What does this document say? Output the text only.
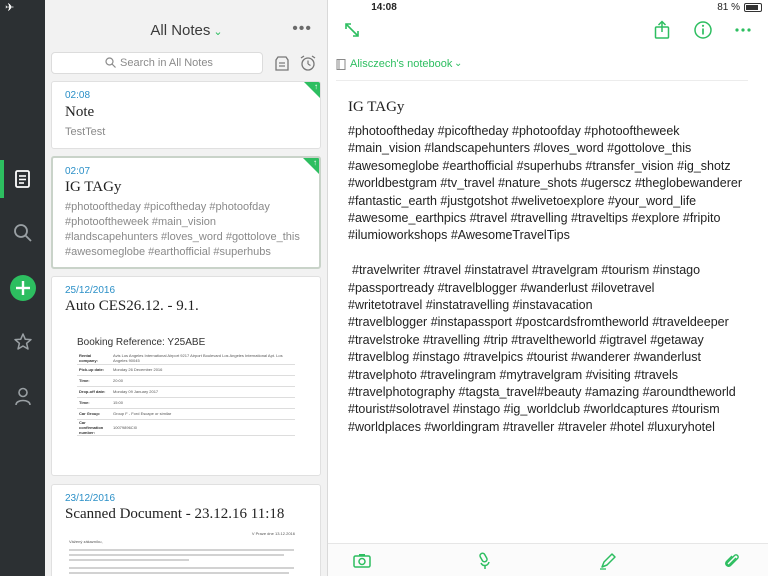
✈	14:08	81 %
All Notes ⌄	•••
Search in All Notes
↑
02:08
Note
TestTest
↑
02:07
IG TAGy
#photooftheday #picoftheday #photoofday #photooftheweek #main_vision #landscapehunters #loves_word #gottolove_this #awesomeglobe #earthofficial #superhubs
25/12/2016
Auto CES26.12. - 9.1.
Booking Reference: Y25ABE
Rental company:	Avis Los Angeles International Airport 9217 Airport Boulevard Los Angeles International Apt. Los Angeles 90045
Pick-up date:	Monday 26 December 2016
Time:	20:00
Drop-off date:	Monday 09 January 2017
Time:	15:00
Car Group:	Group F - Ford Escape or similar
Car confirmation number:	10079896CI0
23/12/2016
Scanned Document - 23.12.16 11:18
V Praze dne 13.12.2016
Vážený zákazníku,
Alisczech's notebook ⌄
IG TAGy

#photooftheday #picoftheday #photoofday #photooftheweek #main_vision #landscapehunters #loves_word #gottolove_this #awesomeglobe #earthofficial #superhubs #transfer_vision #ig_shotz #worldbestgram #tv_travel #nature_shots #ugerscz #theglobewanderer #fantastic_earth #justgotshot #welivetoexplore #your_word_life #awesome_earthpics #travel #travelling #traveltips #explore #fripito #ilumioworkshops #AwesomeTravelTips

#travelwriter #travel #instatravel #travelgram #tourism #instago

#passportready #travelblogger #wanderlust #ilovetravel

#writetotravel #instatravelling #instavacation

#travelblogger #instapassport #postcardsfromtheworld #traveldeeper

#travelstroke #travelling #trip #traveltheworld #igtravel #getaway

#travelblog #instago #travelpics #tourist #wanderer #wanderlust

#travelphoto #travelingram #mytravelgram #visiting #travels

#travelphotography #tagsta_travel#beauty #amazing #aroundtheworld

#tourist#solotravel #instago #ig_worldclub #worldcaptures #tourism

#worldplaces #worldingram #traveller #traveler #hotel #luxuryhotel
